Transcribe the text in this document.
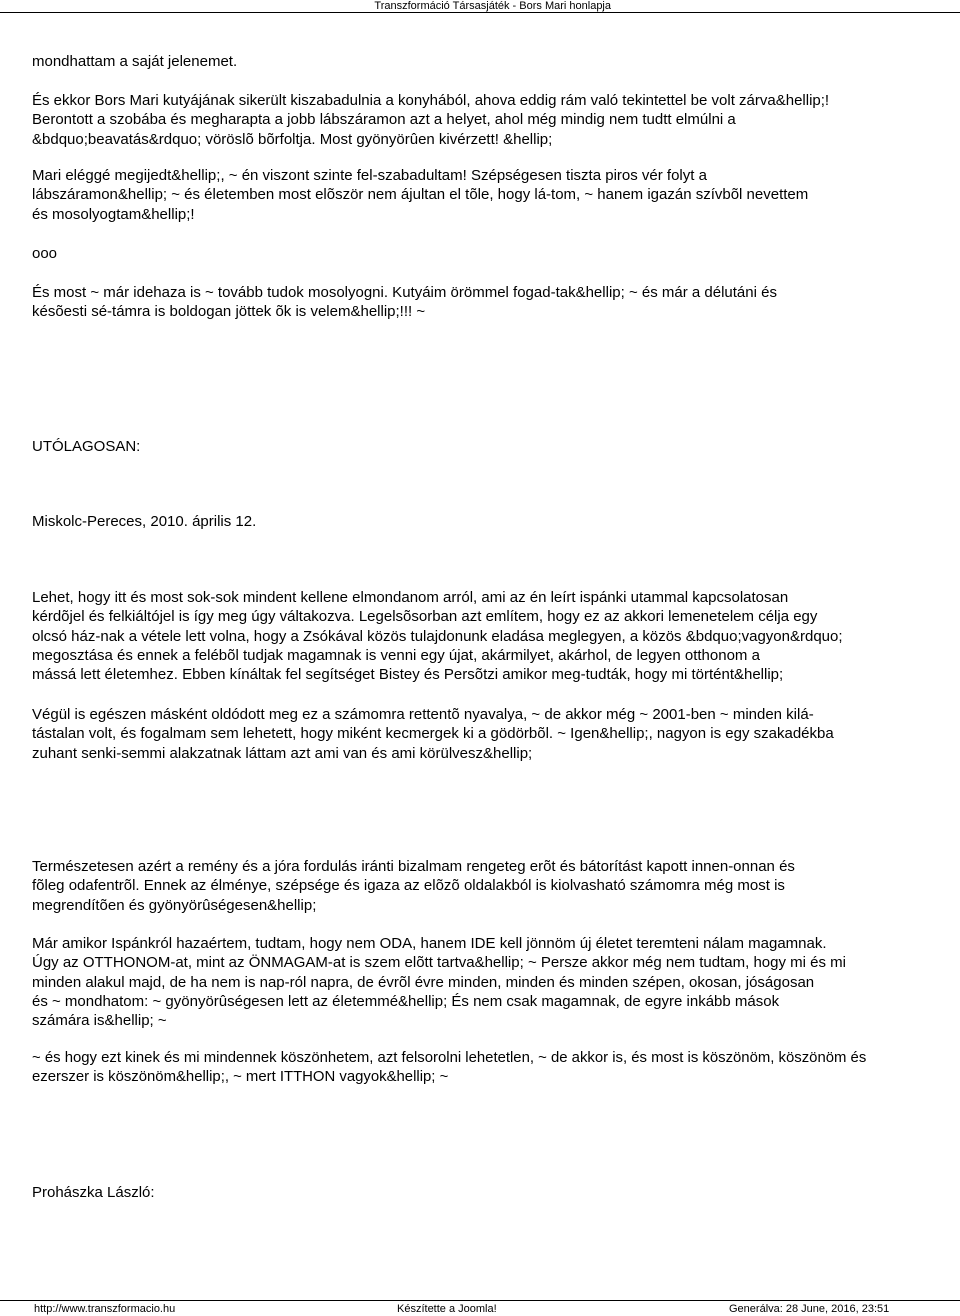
Transzformáció Társasjáték - Bors Mari honlapja

mondhattam a saját jelenemet.

És ekkor Bors Mari kutyájának sikerült kiszabadulnia a konyhából, ahova eddig rám való tekintettel be volt zárva&hellip;!
Berontott a szobába és megharapta a jobb lábszáramon azt a helyet, ahol még mindig nem tudtt elmúlni a
&bdquo;beavatás&rdquo; vöröslõ bõrfoltja. Most gyönyörûen kivérzett! &hellip;

Mari eléggé megijedt&hellip;, ~ én viszont szinte fel-szabadultam! Szépségesen tiszta piros vér folyt a
lábszáramon&hellip; ~ és életemben most elõször nem ájultan el tõle, hogy lá-tom, ~ hanem igazán szívbõl nevettem
és mosolyogtam&hellip;!

ooo

És most ~ már idehaza is ~ tovább tudok mosolyogni. Kutyáim örömmel fogad-tak&hellip; ~ és már a délutáni és
késõesti sé-támra is boldogan jöttek õk is velem&hellip;!!! ~

UTÓLAGOSAN:

Miskolc-Pereces, 2010. április 12.

Lehet, hogy itt és most sok-sok mindent kellene elmondanom arról, ami az én leírt ispánki utammal kapcsolatosan
kérdõjel és felkiáltójel is így meg úgy váltakozva. Legelsõsorban azt említem, hogy ez az akkori lemenetelem célja egy
olcsó ház-nak a vétele lett volna, hogy a Zsókával közös tulajdonunk eladása meglegyen, a közös &bdquo;vagyon&rdquo;
megosztása és ennek a felébõl tudjak magamnak is venni egy újat, akármilyet, akárhol, de legyen otthonom a
mássá lett életemhez. Ebben kínáltak fel segítséget Bistey és Persõtzi amikor meg-tudták, hogy mi történt&hellip;

Végül is egészen másként oldódott meg ez a számomra rettentõ nyavalya, ~ de akkor még ~ 2001-ben ~ minden kilá-
tástalan volt, és fogalmam sem lehetett, hogy miként kecmergek ki a gödörbõl. ~ Igen&hellip;, nagyon is egy szakadékba
zuhant senki-semmi alakzatnak láttam azt ami van és ami körülvesz&hellip;

Természetesen azért a remény és a jóra fordulás iránti bizalmam rengeteg erõt és bátorítást kapott innen-onnan és
fõleg odafentrõl. Ennek az élménye, szépsége és igaza az elõzõ oldalakból is kiolvasható számomra még most is
megrendítõen és gyönyörûségesen&hellip;

Már amikor Ispánkról hazaértem, tudtam, hogy nem ODA, hanem IDE kell jönnöm új életet teremteni nálam magamnak.
Úgy az OTTHONOM-at, mint az ÖNMAGAM-at is szem elõtt tartva&hellip; ~ Persze akkor még nem tudtam, hogy mi és mi
minden alakul majd, de ha nem is nap-ról napra, de évrõl évre minden, minden és minden szépen, okosan, jóságosan
és ~ mondhatom: ~ gyönyörûségesen lett az életemmé&hellip; És nem csak magamnak, de egyre inkább mások
számára is&hellip; ~

~ és hogy ezt kinek és mi mindennek köszönhetem, azt felsorolni lehetetlen, ~ de akkor is, és most is köszönöm, köszönöm és
ezerszer is köszönöm&hellip;, ~ mert ITTHON vagyok&hellip; ~

Prohászka László:

http://www.transzformacio.hu	Készítette a Joomla!	Generálva: 28 June, 2016, 23:51
